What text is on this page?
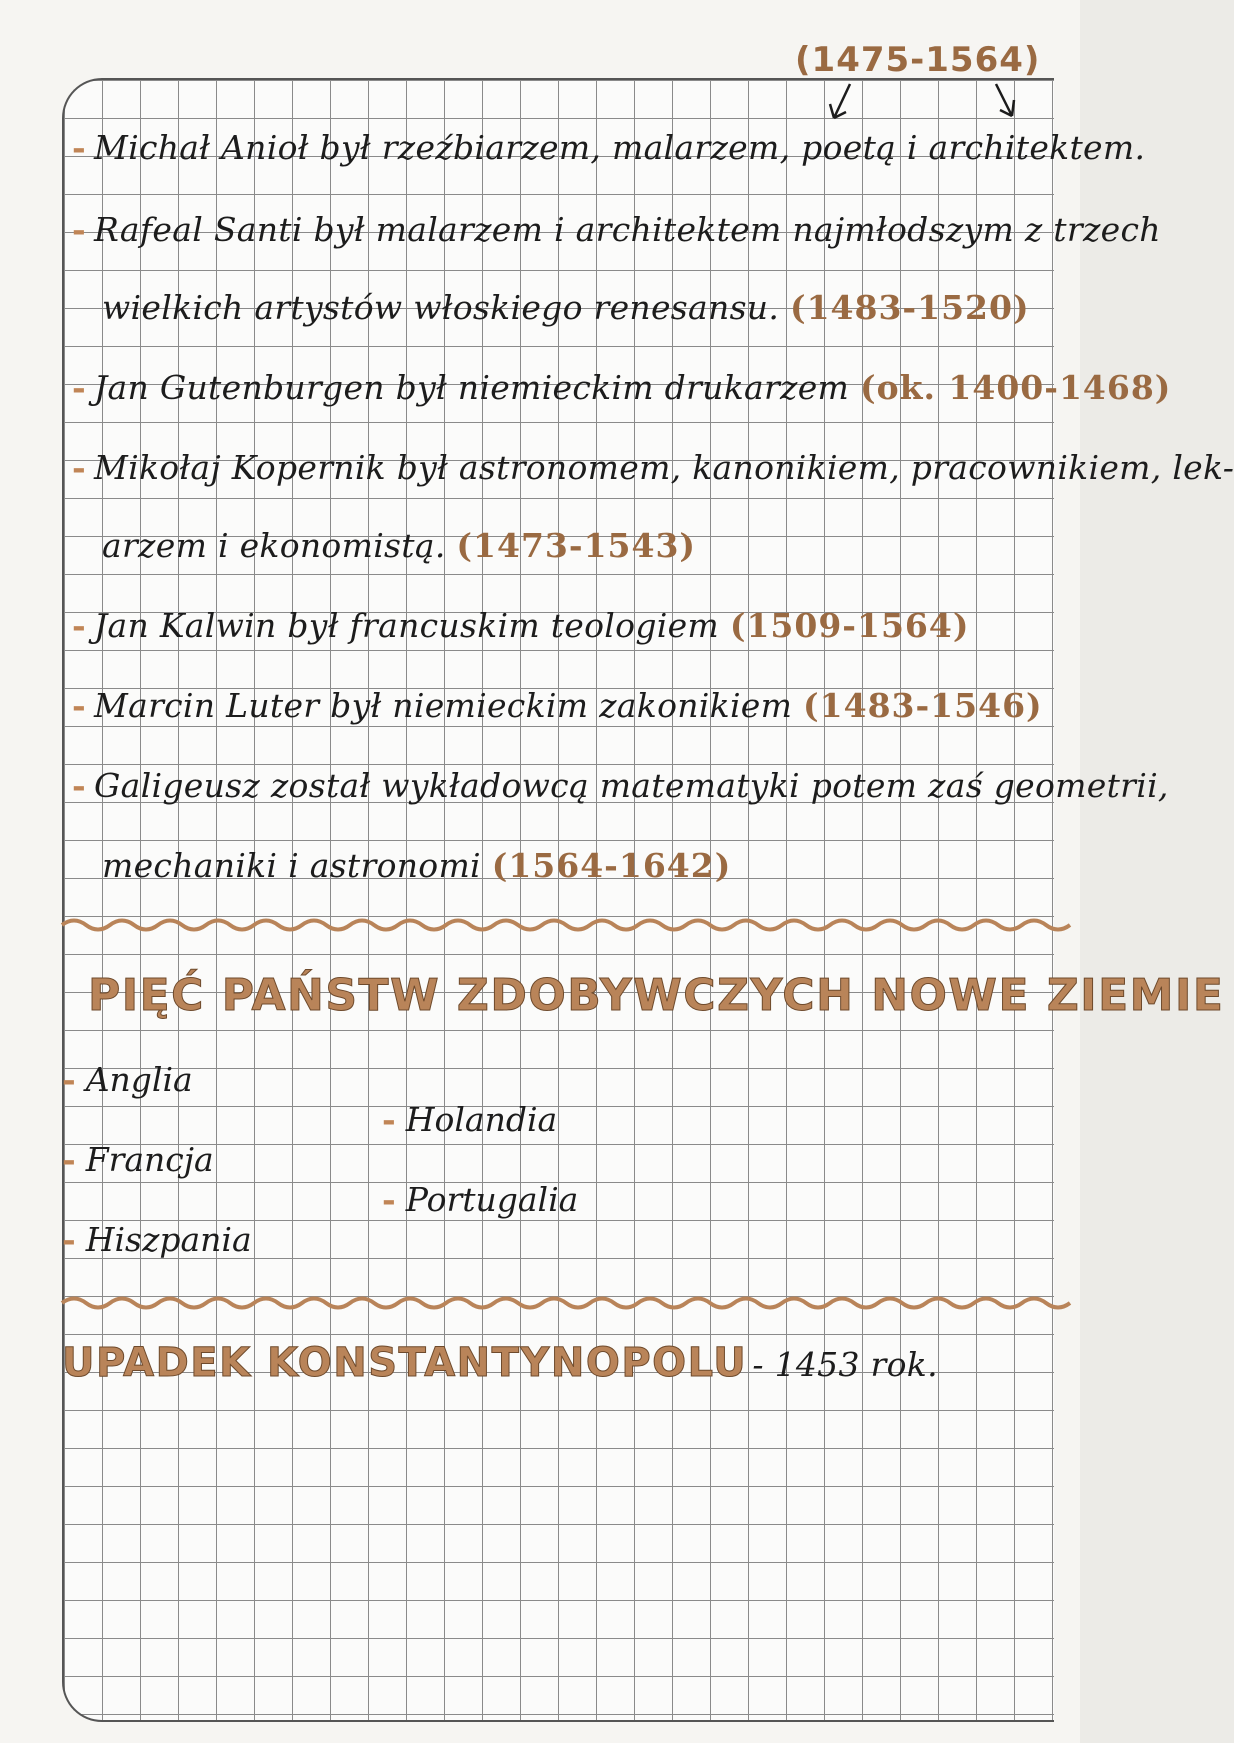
(1475-1564)
- Michał Anioł był rzeźbiarzem, malarzem, poetą i architektem.
- Rafeal Santi był malarzem i architektem najmłodszym z trzech
wielkich artystów włoskiego renesansu. (1483-1520)
- Jan Gutenburgen był niemieckim drukarzem (ok. 1400-1468)
- Mikołaj Kopernik był astronomem, kanonikiem, pracownikiem, lek-
arzem i ekonomistą. (1473-1543)
- Jan Kalwin był francuskim teologiem (1509-1564)
- Marcin Luter był niemieckim zakonikiem (1483-1546)
- Galigeusz został wykładowcą matematyki potem zaś geometrii,
mechaniki i astronomi (1564-1642)
PIĘĆ PAŃSTW ZDOBYWCZYCH NOWE ZIEMIE
- Anglia
- Francja
- Hiszpania
- Holandia
- Portugalia
UPADEK KONSTANTYNOPOLU - 1453 rok.
